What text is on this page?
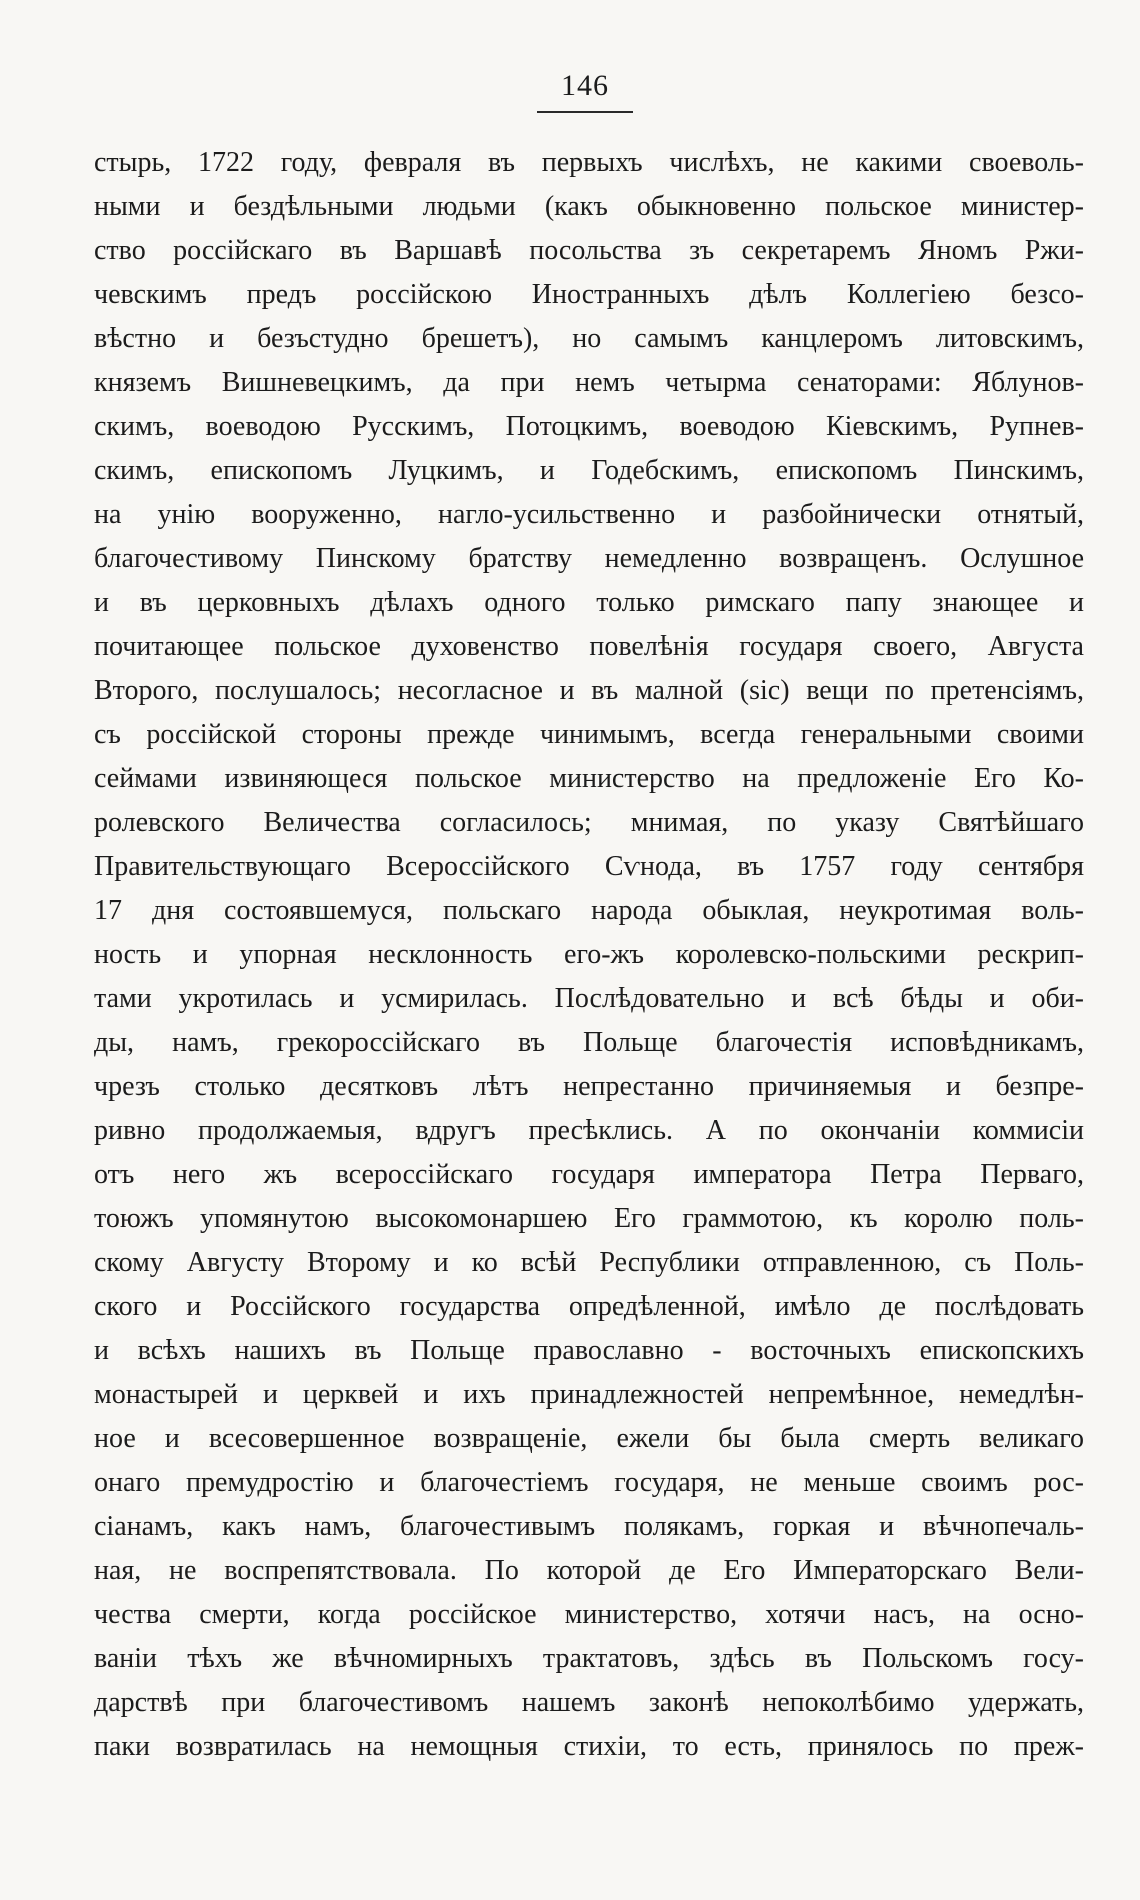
146
стырь, 1722 году, февраля въ первыхъ числѣхъ, не какими своеволь-
ными и бездѣльными людьми (какъ обыкновенно польское министер-
ство россійскаго въ Варшавѣ посольства зъ секретаремъ Яномъ Ржи-
чевскимъ предъ россійскою Иностранныхъ дѣлъ Коллегіею безсо-
вѣстно и безъстудно брешетъ), но самымъ канцлеромъ литовскимъ,
княземъ Вишневецкимъ, да при немъ четырма сенаторами: Яблунов-
скимъ, воеводою Русскимъ, Потоцкимъ, воеводою Кіевскимъ, Рупнев-
скимъ, епископомъ Луцкимъ, и Годебскимъ, епископомъ Пинскимъ,
на унію вооруженно, нагло-усильственно и разбойнически отнятый,
благочестивому Пинскому братству немедленно возвращенъ. Ослушное
и въ церковныхъ дѣлахъ одного только римскаго папу знающее и
почитающее польское духовенство повелѣнія государя своего, Августа
Второго, послушалось; несогласное и въ малной (sic) вещи по претенсіямъ,
съ россійской стороны прежде чинимымъ, всегда генеральными своими
сеймами извиняющеся польское министерство на предложеніе Его Ко-
ролевского Величества согласилось; мнимая, по указу Святѣйшаго
Правительствующаго Всероссійского Сѵнода, въ 1757 году сентября
17 дня состоявшемуся, польскаго народа обыклая, неукротимая воль-
ность и упорная несклонность его-жъ королевско-польскими рескрип-
тами укротилась и усмирилась. Послѣдовательно и всѣ бѣды и оби-
ды, намъ, грекороссійскаго въ Польще благочестія исповѣдникамъ,
чрезъ столько десятковъ лѣтъ непрестанно причиняемыя и безпре-
ривно продолжаемыя, вдругъ пресѣклись. А по окончаніи коммисіи
отъ него жъ всероссійскаго государя императора Петра Перваго,
тоюжъ упомянутою высокомонаршею Его граммотою, къ королю поль-
скому Августу Второму и ко всѣй Республики отправленною, съ Поль-
ского и Россійского государства опредѣленной, имѣло де послѣдовать
и всѣхъ нашихъ въ Польще православно - восточныхъ епископскихъ
монастырей и церквей и ихъ принадлежностей непремѣнное, немедлѣн-
ное и всесовершенное возвращеніе, ежели бы была смерть великаго
онаго премудростію и благочестіемъ государя, не меньше своимъ рос-
сіанамъ, какъ намъ, благочестивымъ полякамъ, горкая и вѣчнопечаль-
ная, не воспрепятствовала. По которой де Его Императорскаго Вели-
чества смерти, когда россійское министерство, хотячи насъ, на осно-
ваніи тѣхъ же вѣчномирныхъ трактатовъ, здѣсь въ Польскомъ госу-
дарствѣ при благочестивомъ нашемъ законѣ непоколѣбимо удержать,
паки возвратилась на немощныя стихіи, то есть, принялось по преж-
